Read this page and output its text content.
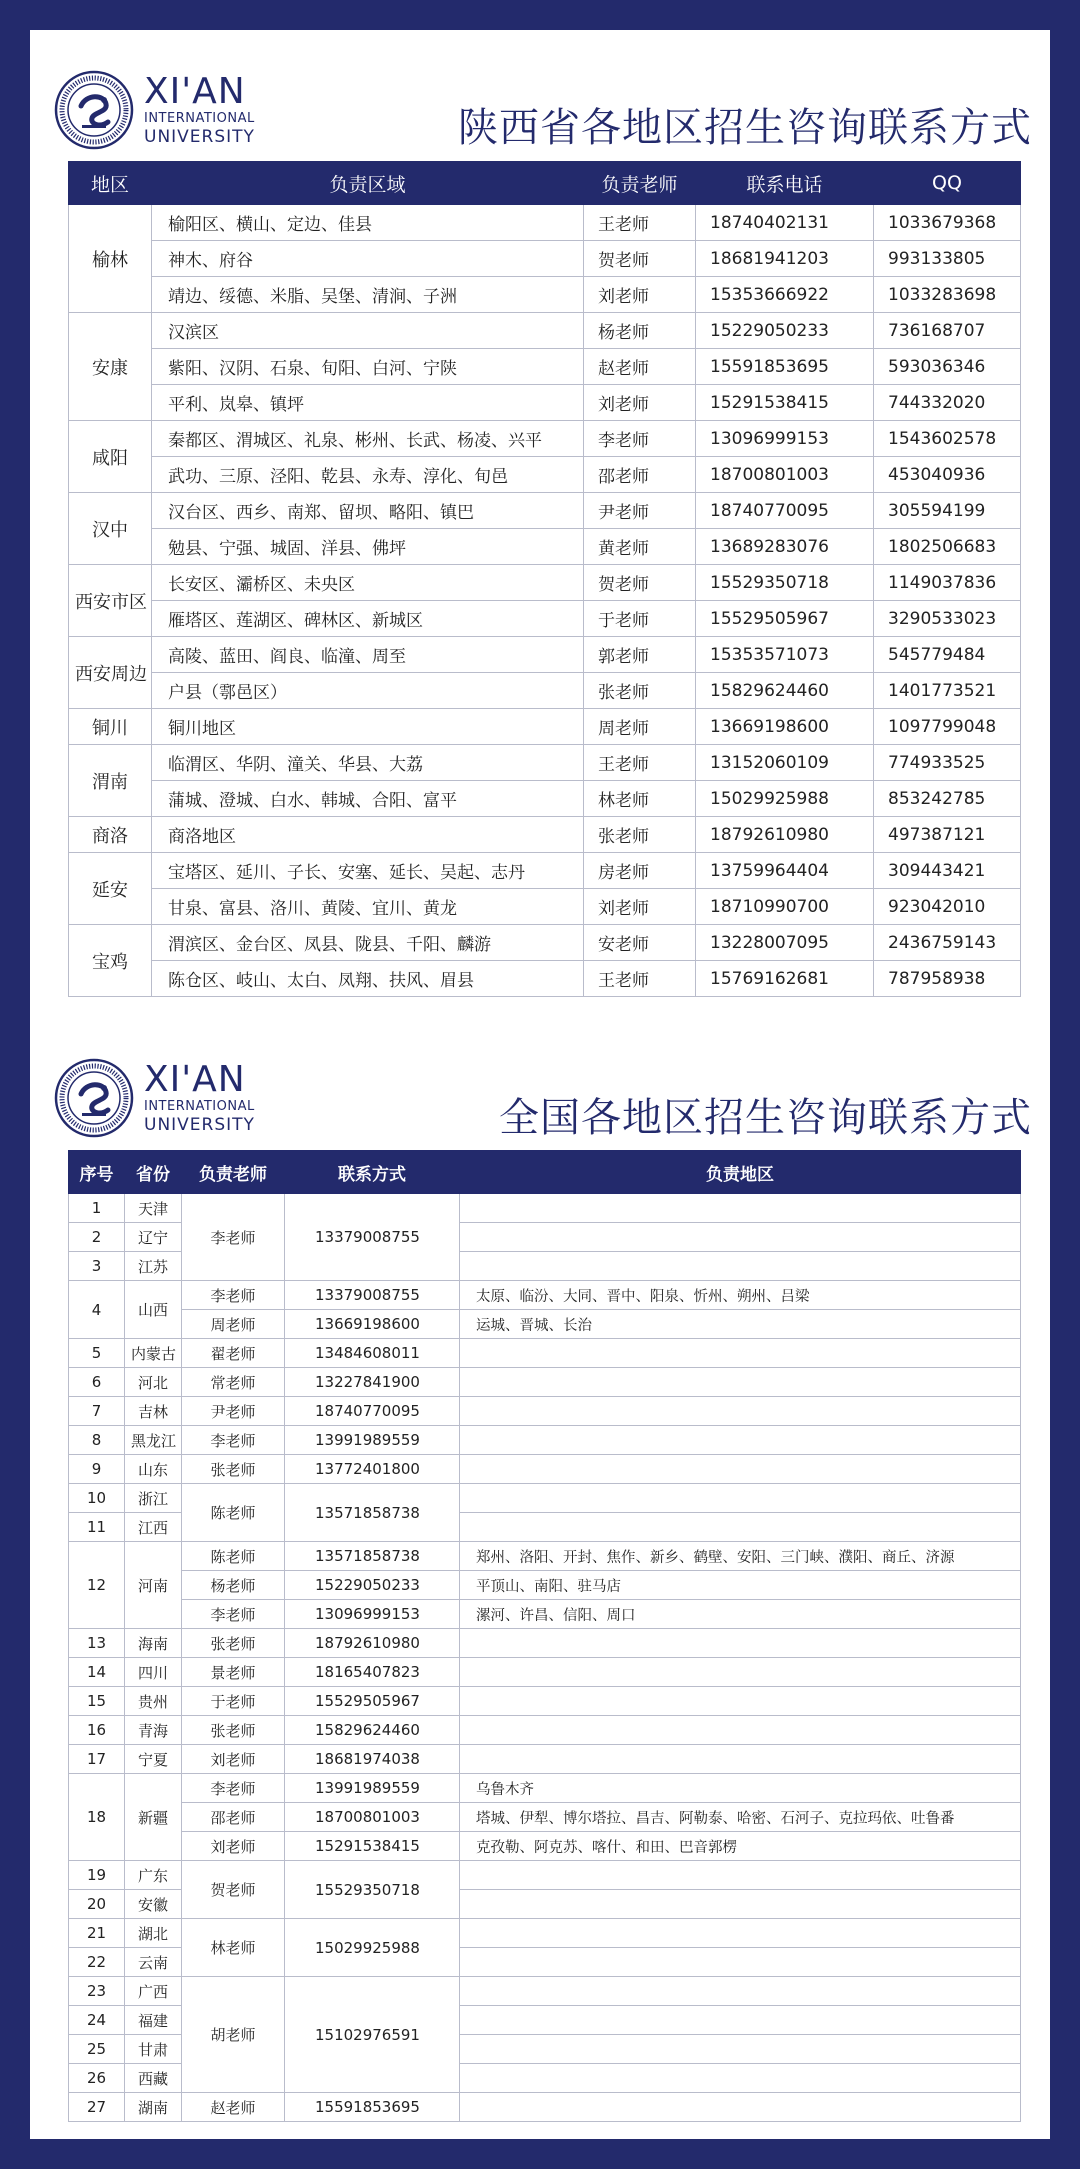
XI'AN
INTERNATIONAL
UNIVERSITY	陕西省各地区招生咨询联系方式
地区	负责区域	负责老师	联系电话	QQ
榆林	榆阳区、横山、定边、佳县	王老师	18740402131	1033679368
	神木、府谷	贺老师	18681941203	993133805
	靖边、绥德、米脂、吴堡、清涧、子洲	刘老师	15353666922	1033283698
安康	汉滨区	杨老师	15229050233	736168707
	紫阳、汉阴、石泉、旬阳、白河、宁陕	赵老师	15591853695	593036346
	平利、岚皋、镇坪	刘老师	15291538415	744332020
咸阳	秦都区、渭城区、礼泉、彬州、长武、杨凌、兴平	李老师	13096999153	1543602578
	武功、三原、泾阳、乾县、永寿、淳化、旬邑	邵老师	18700801003	453040936
汉中	汉台区、西乡、南郑、留坝、略阳、镇巴	尹老师	18740770095	305594199
	勉县、宁强、城固、洋县、佛坪	黄老师	13689283076	1802506683
西安市区	长安区、灞桥区、未央区	贺老师	15529350718	1149037836
	雁塔区、莲湖区、碑林区、新城区	于老师	15529505967	3290533023
西安周边	高陵、蓝田、阎良、临潼、周至	郭老师	15353571073	545779484
	户县（鄠邑区）	张老师	15829624460	1401773521
铜川	铜川地区	周老师	13669198600	1097799048
渭南	临渭区、华阴、潼关、华县、大荔	王老师	13152060109	774933525
	蒲城、澄城、白水、韩城、合阳、富平	林老师	15029925988	853242785
商洛	商洛地区	张老师	18792610980	497387121
延安	宝塔区、延川、子长、安塞、延长、吴起、志丹	房老师	13759964404	309443421
	甘泉、富县、洛川、黄陵、宜川、黄龙	刘老师	18710990700	923042010
宝鸡	渭滨区、金台区、凤县、陇县、千阳、麟游	安老师	13228007095	2436759143
	陈仓区、岐山、太白、凤翔、扶风、眉县	王老师	15769162681	787958938
XI'AN
INTERNATIONAL
UNIVERSITY	全国各地区招生咨询联系方式
序号	省份	负责老师	联系方式	负责地区
1	天津	李老师	13379008755	
2	辽宁			
3	江苏			
4	山西	李老师	13379008755	太原、临汾、大同、晋中、阳泉、忻州、朔州、吕梁
		周老师	13669198600	运城、晋城、长治
5	内蒙古	翟老师	13484608011	
6	河北	常老师	13227841900	
7	吉林	尹老师	18740770095	
8	黑龙江	李老师	13991989559	
9	山东	张老师	13772401800	
10	浙江	陈老师	13571858738	
11	江西			
12	河南	陈老师	13571858738	郑州、洛阳、开封、焦作、新乡、鹤壁、安阳、三门峡、濮阳、商丘、济源
		杨老师	15229050233	平顶山、南阳、驻马店
		李老师	13096999153	漯河、许昌、信阳、周口
13	海南	张老师	18792610980	
14	四川	景老师	18165407823	
15	贵州	于老师	15529505967	
16	青海	张老师	15829624460	
17	宁夏	刘老师	18681974038	
18	新疆	李老师	13991989559	乌鲁木齐
		邵老师	18700801003	塔城、伊犁、博尔塔拉、昌吉、阿勒泰、哈密、石河子、克拉玛依、吐鲁番
		刘老师	15291538415	克孜勒、阿克苏、喀什、和田、巴音郭楞
19	广东	贺老师	15529350718	
20	安徽			
21	湖北	林老师	15029925988	
22	云南			
23	广西	胡老师	15102976591	
24	福建			
25	甘肃			
26	西藏			
27	湖南	赵老师	15591853695	
